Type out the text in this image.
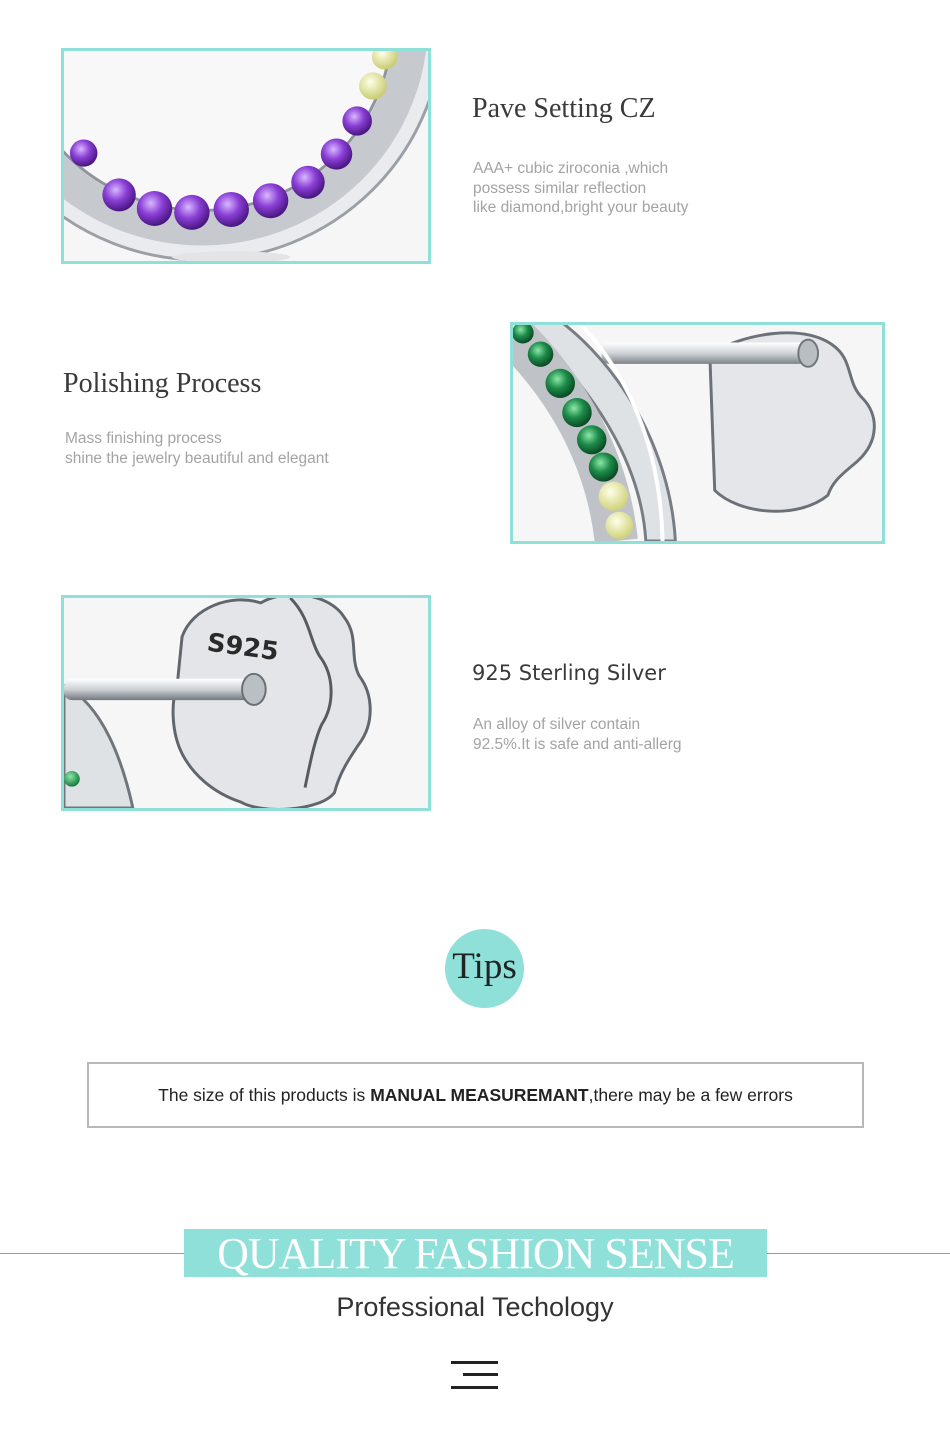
Pave Setting CZ
AAA+ cubic ziroconia ,which
possess similar reflection
like diamond,bright your beauty
Polishing Process
Mass finishing process
shine the jewelry beautiful and elegant
S925
925 Sterling Silver
An alloy of silver contain
92.5%.It is safe and anti-allerg
Tips
The size of this products is MANUAL MEASUREMANT ,there may be a few errors
QUALITY FASHION SENSE
Professional Techology
